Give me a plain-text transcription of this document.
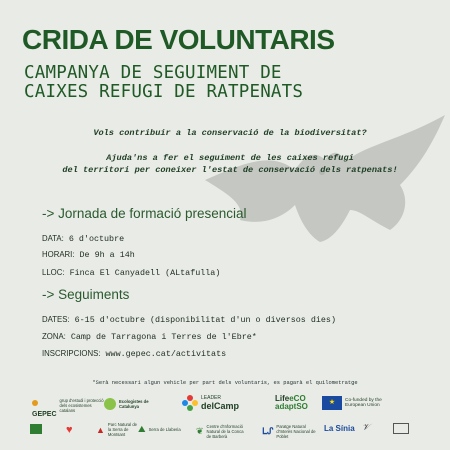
CRIDA DE VOLUNTARIS
CAMPANYA DE SEGUIMENT DE
CAIXES REFUGI DE RATPENATS

Vols contribuir a la conservació de la biodiversitat?

Ajuda'ns a fer el seguiment de les caixes refugi

del territori per coneixer l'estat de conservació dels ratpenats!

-> Jornada de formació presencial

DATA: 6 d'octubre

HORARI: De 9h a 14h

LLOC: Finca El Canyadell (ALtafulla)

-> Seguiments

DATES: 6-15 d'octubre (disponibilitat d'un o diversos dies)

ZONA: Camp de Tarragona i Terres de l'Ebre*

INSCRIPCIONS: www.gepec.cat/activitats

*Serà necessari algun vehicle per part dels voluntaris, es pagarà el quilometratge
GEPEC
grup d'estudi i protecció dels ecosistemes catalans
Ecologistes de Catalunya
LEADER
delCamp
LifeeCO
adaptSO	★	Co-funded by the European Union
♥	▲ Parc Natural de la Serra de Montsant
⛰ Serra de Llaberia ❦ Centre d'Informació Natural de la Conca de Barberà
ᒪᔑ Paratge Natural d'Interès Nacional de Poblet
La Sínia 𝒱
